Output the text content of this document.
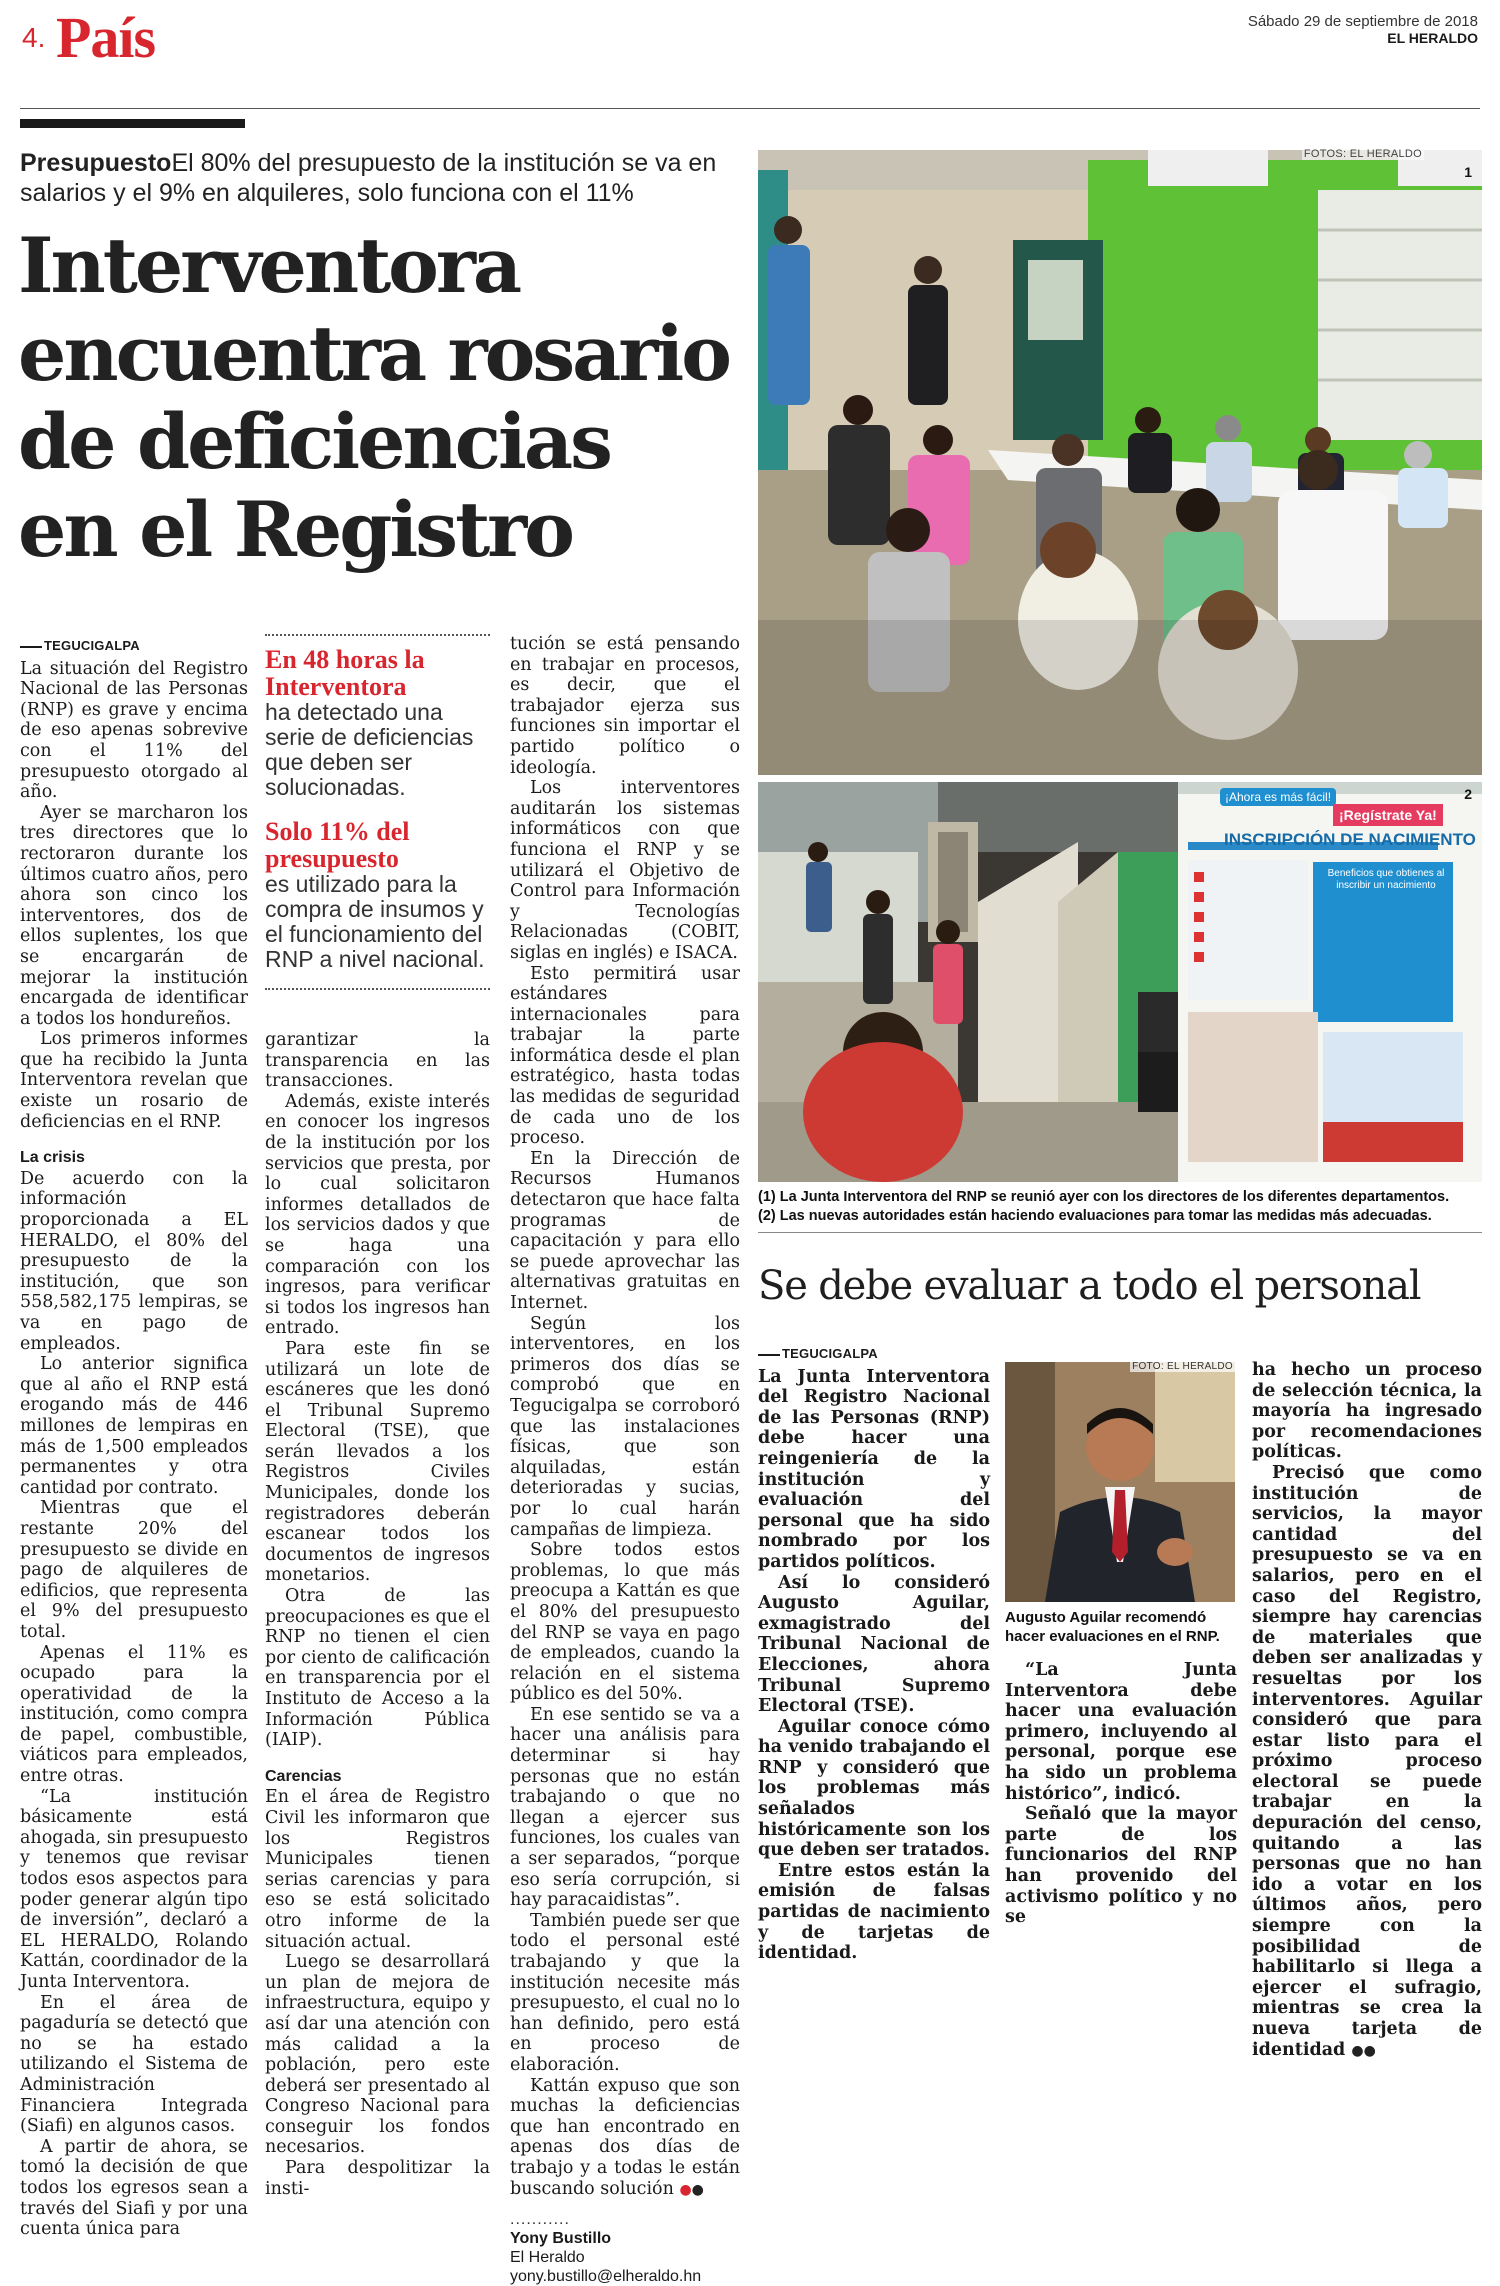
4. País	Sábado 29 de septiembre de 2018
EL HERALDO
PresupuestoEl 80% del presupuesto de la institución se va en salarios y el 9% en alquileres, solo funciona con el 11%
Interventora
encuentra rosario
de deficiencias
en el Registro
FOTOS: EL HERALDO
1
¡Ahora es más fácil!
¡Regístrate Ya!
INSCRIPCIÓN DE NACIMIENTO
Beneficios que obtienes al inscribir un nacimiento
2
(1) La Junta Interventora del RNP se reunió ayer con los directores de los diferentes departamentos.
(2) Las nuevas autoridades están haciendo evaluaciones para tomar las medidas más adecuadas.
TEGUCIGALPA

La situación del Registro Nacional de las Personas (RNP) es grave y encima de eso apenas sobrevive con el 11% del presupuesto otorgado al año.

Ayer se marcharon los tres directores que lo rectoraron durante los últimos cuatro años, pero ahora son cinco los interventores, dos de ellos suplentes, los que se encargarán de mejorar la institución encargada de identificar a todos los hondureños.

Los primeros informes que ha recibido la Junta Interventora revelan que existe un rosario de deficiencias en el RNP.

La crisis

De acuerdo con la información proporcionada a EL HERALDO, el 80% del presupuesto de la institución, que son 558,582,175 lempiras, se va en pago de empleados.

Lo anterior significa que al año el RNP está erogando más de 446 millones de lempiras en más de 1,500 empleados permanentes y otra cantidad por contrato.

Mientras que el restante 20% del presupuesto se divide en pago de alquileres de edificios, que representa el 9% del presupuesto total.

Apenas el 11% es ocupado para la operatividad de la institución, como compra de papel, combustible, viáticos para empleados, entre otras.

“La institución básicamente está ahogada, sin presupuesto y tenemos que revisar todos esos aspectos para poder generar algún tipo de inversión”, declaró a EL HERALDO, Rolando Kattán, coordinador de la Junta Interventora.

En el área de pagaduría se detectó que no se ha estado utilizando el Sistema de Administración Financiera Integrada (Siafi) en algunos casos.

A partir de ahora, se tomó la decisión de que todos los egresos sean a través del Siafi y por una cuenta única para

En 48 horas la Interventora
ha detectado una serie de deficiencias que deben ser solucionadas.
Solo 11% del presupuesto
es utilizado para la compra de insumos y el funcionamiento del RNP a nivel nacional.

garantizar la transparencia en las transacciones.

Además, existe interés en conocer los ingresos de la institución por los servicios que presta, por lo cual solicitaron informes detallados de los servicios dados y que se haga una comparación con los ingresos, para verificar si todos los ingresos han entrado.

Para este fin se utilizará un lote de escáneres que les donó el Tribunal Supremo Electoral (TSE), que serán llevados a los Registros Civiles Municipales, donde los registradores deberán escanear todos los documentos de ingresos monetarios.

Otra de las preocupaciones es que el RNP no tienen el cien por ciento de calificación en transparencia por el Instituto de Acceso a la Información Pública (IAIP).

Carencias

En el área de Registro Civil les informaron que los Registros Municipales tienen serias carencias y para eso se está solicitado otro informe de la situación actual.

Luego se desarrollará un plan de mejora de infraestructura, equipo y así dar una atención con más calidad a la población, pero este deberá ser presentado al Congreso Nacional para conseguir los fondos necesarios.

Para despolitizar la insti-

tución se está pensando en trabajar en procesos, es decir, que el trabajador ejerza sus funciones sin importar el partido político o ideología.

Los interventores auditarán los sistemas informáticos con que funciona el RNP y se utilizará el Objetivo de Control para Información y Tecnologías Relacionadas (COBIT, siglas en inglés) e ISACA.

Esto permitirá usar estándares internacionales para trabajar la parte informática desde el plan estratégico, hasta todas las medidas de seguridad de cada uno de los proceso.

En la Dirección de Recursos Humanos detectaron que hace falta programas de capacitación y para ello se puede aprovechar las alternativas gratuitas en Internet.

Según los interventores, en los primeros dos días se comprobó que en Tegucigalpa se corroboró que las instalaciones físicas, que son alquiladas, están deterioradas y sucias, por lo cual harán campañas de limpieza.

Sobre todos estos problemas, lo que más preocupa a Kattán es que el 80% del presupuesto del RNP se vaya en pago de empleados, cuando la relación en el sistema público es del 50%.

En ese sentido se va a hacer una análisis para determinar si hay personas que no están trabajando o que no llegan a ejercer sus funciones, los cuales van a ser separados, “porque eso sería corrupción, si hay paracaidistas”.

También puede ser que todo el personal esté trabajando y que la institución necesite más presupuesto, el cual no lo han definido, pero está en proceso de elaboración.

Kattán expuso que son muchas la deficiencias que han encontrado en apenas dos días de trabajo y a todas le están buscando solución ●●

...........
Yony Bustillo
El Heraldo
yony.bustillo@elheraldo.hn
Se debe evaluar a todo el personal
TEGUCIGALPA

La Junta Interventora del Registro Nacional de las Personas (RNP) debe hacer una reingeniería de la institución y evaluación del personal que ha sido nombrado por los partidos políticos.

Así lo consideró Augusto Aguilar, exmagistrado del Tribunal Nacional de Elecciones, ahora Tribunal Supremo Electoral (TSE).

Aguilar conoce cómo ha venido trabajando el RNP y consideró que los problemas más señalados históricamente son los que deben ser tratados.

Entre estos están la emisión de falsas partidas de nacimiento y de tarjetas de identidad.

FOTO: EL HERALDO
Augusto Aguilar recomendó hacer evaluaciones en el RNP.

“La Junta Interventora debe hacer una evaluación primero, incluyendo al personal, porque ese ha sido un problema histórico”, indicó.

Señaló que la mayor parte de los funcionarios del RNP han provenido del activismo político y no se

ha hecho un proceso de selección técnica, la mayoría ha ingresado por recomendaciones políticas.

Precisó que como institución de servicios, la mayor cantidad del presupuesto se va en salarios, pero en el caso del Registro, siempre hay carencias de materiales que deben ser analizadas y resueltas por los interventores. Aguilar consideró que para estar listo para el próximo proceso electoral se puede trabajar en la depuración del censo, quitando a las personas que no han ido a votar en los últimos años, pero siempre con la posibilidad de habilitarlo si llega a ejercer el sufragio, mientras se crea la nueva tarjeta de identidad ●●
